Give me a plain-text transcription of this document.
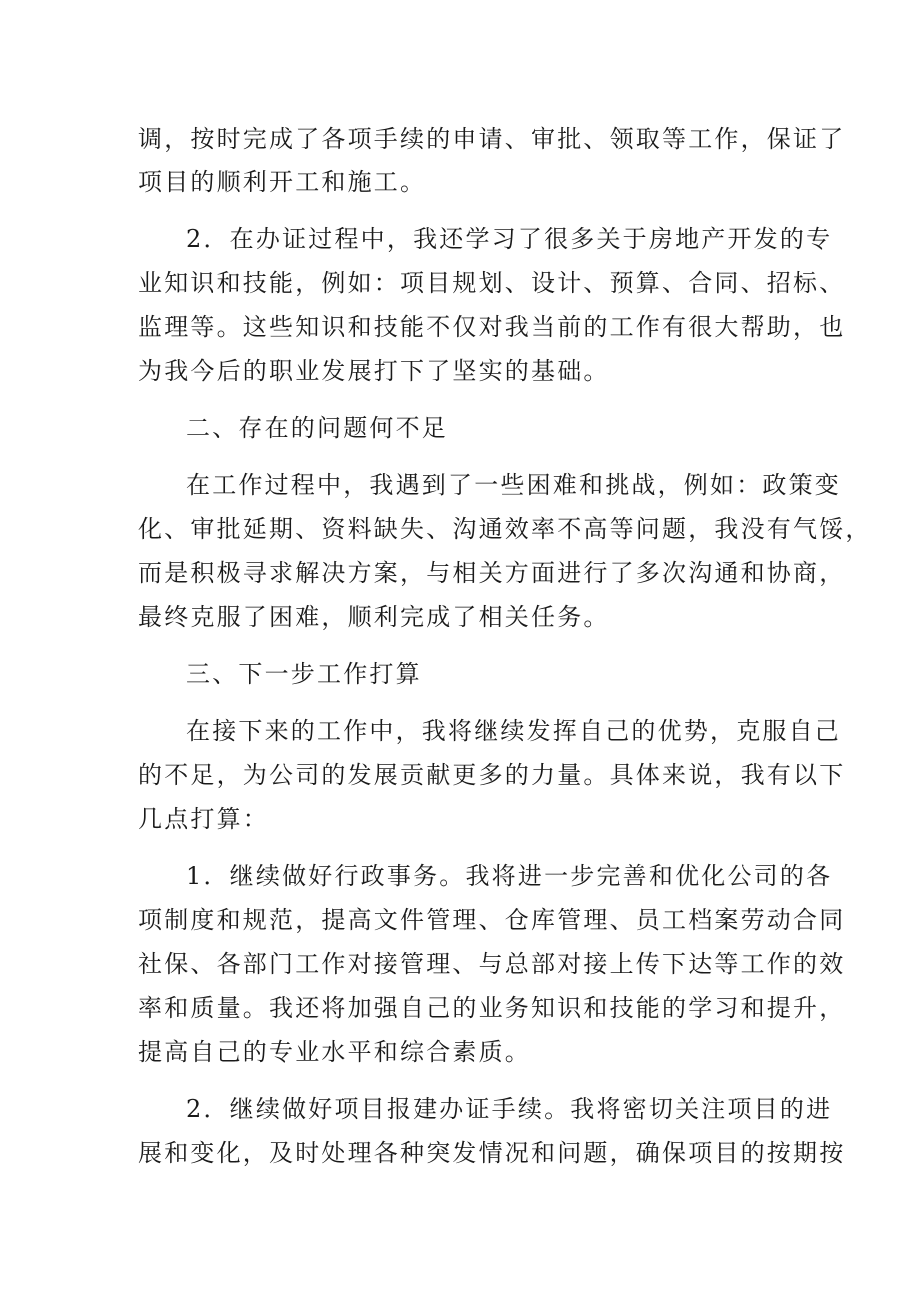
调，按时完成了各项手续的申请、审批、领取等工作，保证了
项目的顺利开工和施工。
2．在办证过程中，我还学习了很多关于房地产开发的专
业知识和技能，例如：项目规划、设计、预算、合同、招标、
监理等。这些知识和技能不仅对我当前的工作有很大帮助，也
为我今后的职业发展打下了坚实的基础。
二、存在的问题何不足
在工作过程中，我遇到了一些困难和挑战，例如：政策变
化、审批延期、资料缺失、沟通效率不高等问题，我没有气馁，
而是积极寻求解决方案，与相关方面进行了多次沟通和协商，
最终克服了困难，顺利完成了相关任务。
三、下一步工作打算
在接下来的工作中，我将继续发挥自己的优势，克服自己
的不足，为公司的发展贡献更多的力量。具体来说，我有以下
几点打算：
1．继续做好行政事务。我将进一步完善和优化公司的各
项制度和规范，提高文件管理、仓库管理、员工档案劳动合同
社保、各部门工作对接管理、与总部对接上传下达等工作的效
率和质量。我还将加强自己的业务知识和技能的学习和提升，
提高自己的专业水平和综合素质。
2．继续做好项目报建办证手续。我将密切关注项目的进
展和变化，及时处理各种突发情况和问题，确保项目的按期按
